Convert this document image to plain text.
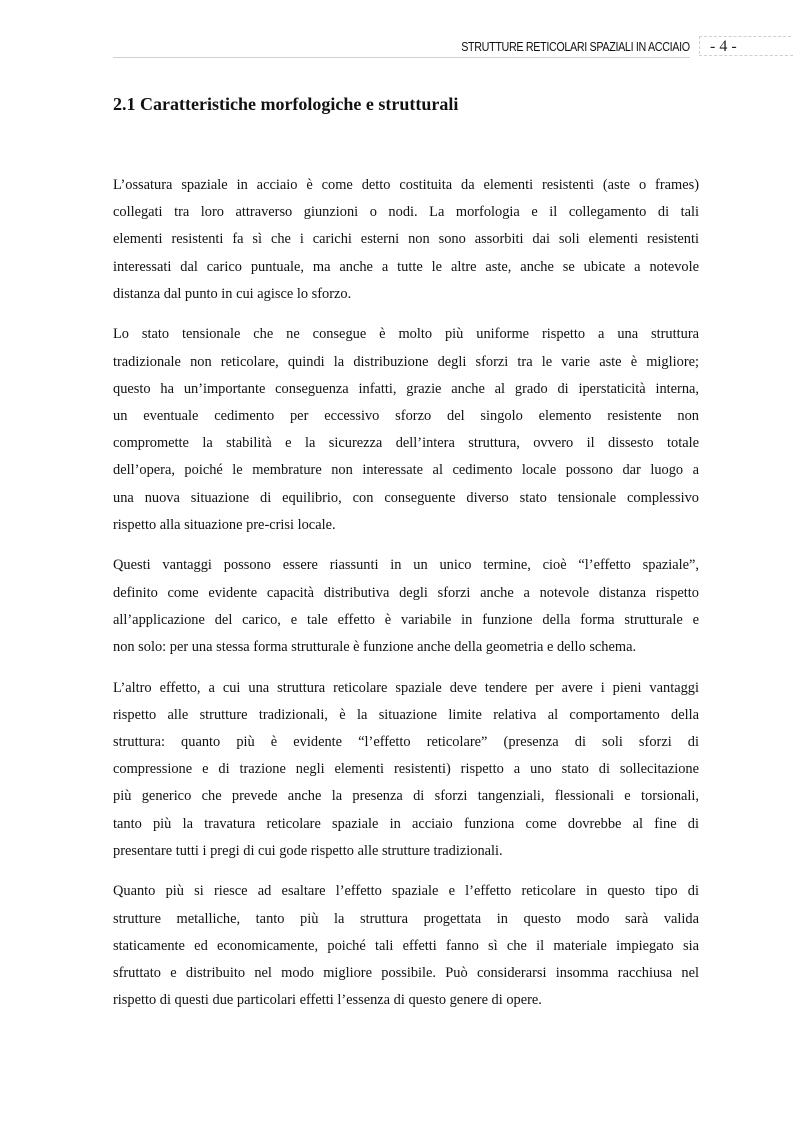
STRUTTURE RETICOLARI SPAZIALI IN ACCIAIO	- 4 -
2.1 Caratteristiche morfologiche e strutturali
L’ossatura spaziale in acciaio è come detto costituita da elementi resistenti (aste o frames)
collegati tra loro attraverso giunzioni o nodi. La morfologia e il collegamento di tali
elementi resistenti fa sì che i carichi esterni non sono assorbiti dai soli elementi resistenti
interessati dal carico puntuale, ma anche a tutte le altre aste, anche se ubicate a notevole
distanza dal punto in cui agisce lo sforzo.
Lo stato tensionale che ne consegue è molto più uniforme rispetto a una struttura
tradizionale non reticolare, quindi la distribuzione degli sforzi tra le varie aste è migliore;
questo ha un’importante conseguenza infatti, grazie anche al grado di iperstaticità interna,
un eventuale cedimento per eccessivo sforzo del singolo elemento resistente non
compromette la stabilità e la sicurezza dell’intera struttura, ovvero il dissesto totale
dell’opera, poiché le membrature non interessate al cedimento locale possono dar luogo a
una nuova situazione di equilibrio, con conseguente diverso stato tensionale complessivo
rispetto alla situazione pre-crisi locale.
Questi vantaggi possono essere riassunti in un unico termine, cioè “l’effetto spaziale”,
definito come evidente capacità distributiva degli sforzi anche a notevole distanza rispetto
all’applicazione del carico, e tale effetto è variabile in funzione della forma strutturale e
non solo: per una stessa forma strutturale è funzione anche della geometria e dello schema.
L’altro effetto, a cui una struttura reticolare spaziale deve tendere per avere i pieni vantaggi
rispetto alle strutture tradizionali, è la situazione limite relativa al comportamento della
struttura: quanto più è evidente “l’effetto reticolare” (presenza di soli sforzi di
compressione e di trazione negli elementi resistenti) rispetto a uno stato di sollecitazione
più generico che prevede anche la presenza di sforzi tangenziali, flessionali e torsionali,
tanto più la travatura reticolare spaziale in acciaio funziona come dovrebbe al fine di
presentare tutti i pregi di cui gode rispetto alle strutture tradizionali.
Quanto più si riesce ad esaltare l’effetto spaziale e l’effetto reticolare in questo tipo di
strutture metalliche, tanto più la struttura progettata in questo modo sarà valida
staticamente ed economicamente, poiché tali effetti fanno sì che il materiale impiegato sia
sfruttato e distribuito nel modo migliore possibile. Può considerarsi insomma racchiusa nel
rispetto di questi due particolari effetti l’essenza di questo genere di opere.
